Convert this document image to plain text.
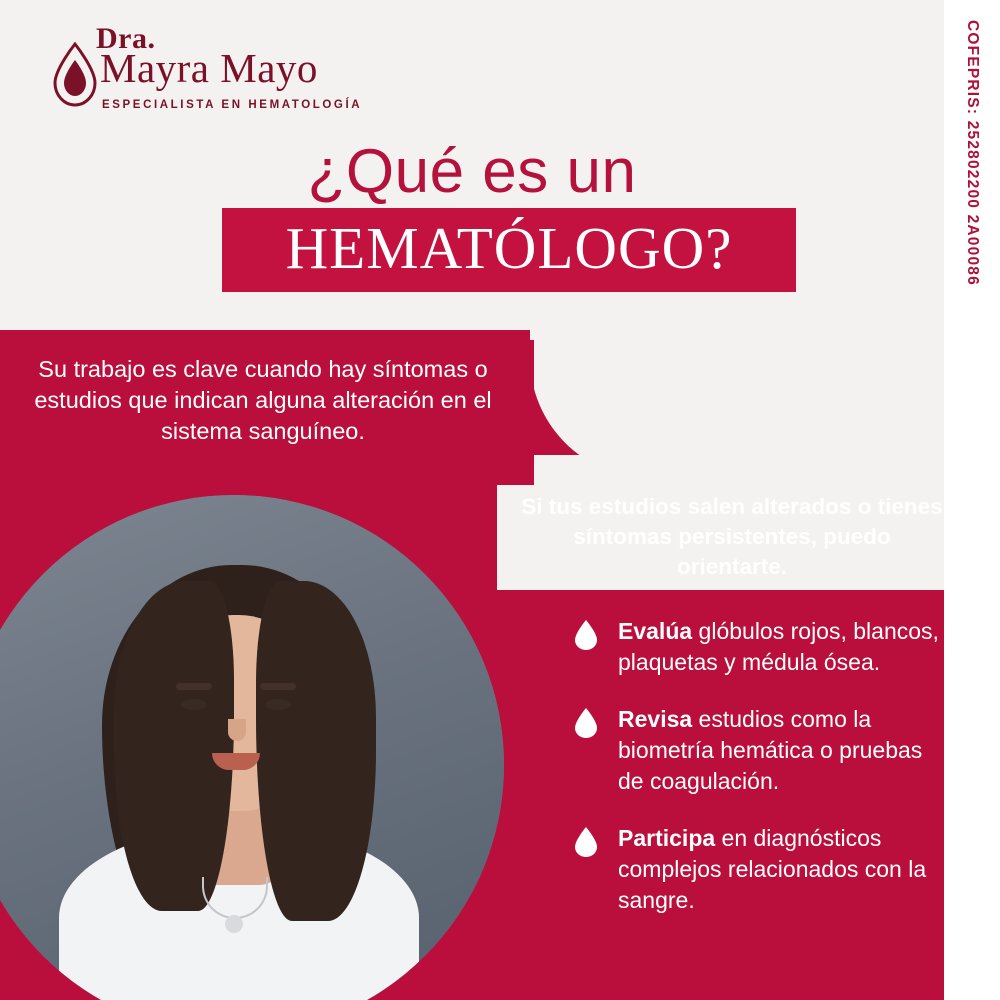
COFEPRIS: 252802200 2A00086
Dra.
Mayra Mayo
ESPECIALISTA EN HEMATOLOGÍA
¿Qué es un
HEMATÓLOGO?
Su trabajo es clave cuando hay síntomas o estudios que indican alguna alteración en el sistema sanguíneo.
Si tus estudios salen alterados o tienes síntomas persistentes, puedo orientarte.
Evalúa glóbulos rojos, blancos, plaquetas y médula ósea.
Revisa estudios como la biometría hemática o pruebas de coagulación.
Participa en diagnósticos complejos relacionados con la sangre.
